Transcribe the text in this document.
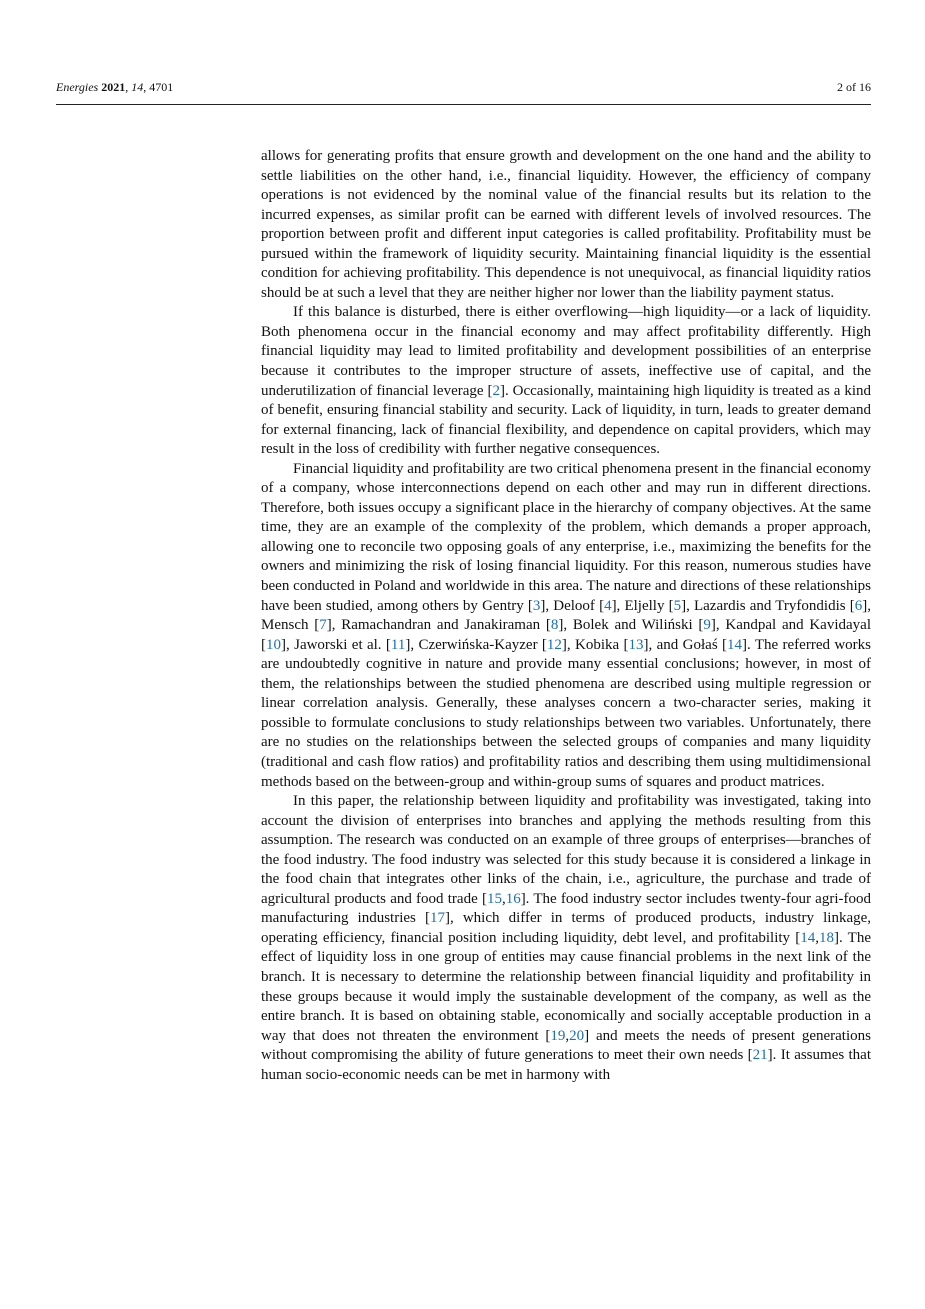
Energies 2021, 14, 4701	2 of 16

allows for generating profits that ensure growth and development on the one hand and the ability to settle liabilities on the other hand, i.e., financial liquidity. However, the efficiency of company operations is not evidenced by the nominal value of the financial results but its relation to the incurred expenses, as similar profit can be earned with different levels of involved resources. The proportion between profit and different input categories is called profitability. Profitability must be pursued within the framework of liquidity security. Maintaining financial liquidity is the essential condition for achieving profitability. This dependence is not unequivocal, as financial liquidity ratios should be at such a level that they are neither higher nor lower than the liability payment status.

If this balance is disturbed, there is either overflowing—high liquidity—or a lack of liquidity. Both phenomena occur in the financial economy and may affect profitability differently. High financial liquidity may lead to limited profitability and development possibilities of an enterprise because it contributes to the improper structure of assets, ineffective use of capital, and the underutilization of financial leverage [2]. Occasionally, maintaining high liquidity is treated as a kind of benefit, ensuring financial stability and security. Lack of liquidity, in turn, leads to greater demand for external financing, lack of financial flexibility, and dependence on capital providers, which may result in the loss of credibility with further negative consequences.

Financial liquidity and profitability are two critical phenomena present in the financial economy of a company, whose interconnections depend on each other and may run in different directions. Therefore, both issues occupy a significant place in the hierarchy of company objectives. At the same time, they are an example of the complexity of the problem, which demands a proper approach, allowing one to reconcile two opposing goals of any enterprise, i.e., maximizing the benefits for the owners and minimizing the risk of losing financial liquidity. For this reason, numerous studies have been conducted in Poland and worldwide in this area. The nature and directions of these relationships have been studied, among others by Gentry [3], Deloof [4], Eljelly [5], Lazardis and Tryfondidis [6], Mensch [7], Ramachandran and Janakiraman [8], Bolek and Wiliński [9], Kandpal and Kavidayal [10], Jaworski et al. [11], Czerwińska-Kayzer [12], Kobika [13], and Gołaś [14]. The referred works are undoubtedly cognitive in nature and provide many essential conclusions; however, in most of them, the relationships between the studied phenomena are described using multiple regression or linear correlation analysis. Generally, these analyses concern a two-character series, making it possible to formulate conclusions to study relationships between two variables. Unfortunately, there are no studies on the relationships between the selected groups of companies and many liquidity (traditional and cash flow ratios) and profitability ratios and describing them using multidimensional methods based on the between-group and within-group sums of squares and product matrices.

In this paper, the relationship between liquidity and profitability was investigated, taking into account the division of enterprises into branches and applying the methods resulting from this assumption. The research was conducted on an example of three groups of enterprises—branches of the food industry. The food industry was selected for this study because it is considered a linkage in the food chain that integrates other links of the chain, i.e., agriculture, the purchase and trade of agricultural products and food trade [15,16]. The food industry sector includes twenty-four agri-food manufacturing industries [17], which differ in terms of produced products, industry linkage, operating efficiency, financial position including liquidity, debt level, and profitability [14,18]. The effect of liquidity loss in one group of entities may cause financial problems in the next link of the branch. It is necessary to determine the relationship between financial liquidity and profitability in these groups because it would imply the sustainable development of the company, as well as the entire branch. It is based on obtaining stable, economically and socially acceptable production in a way that does not threaten the environment [19,20] and meets the needs of present generations without compromising the ability of future generations to meet their own needs [21]. It assumes that human socio-economic needs can be met in harmony with
